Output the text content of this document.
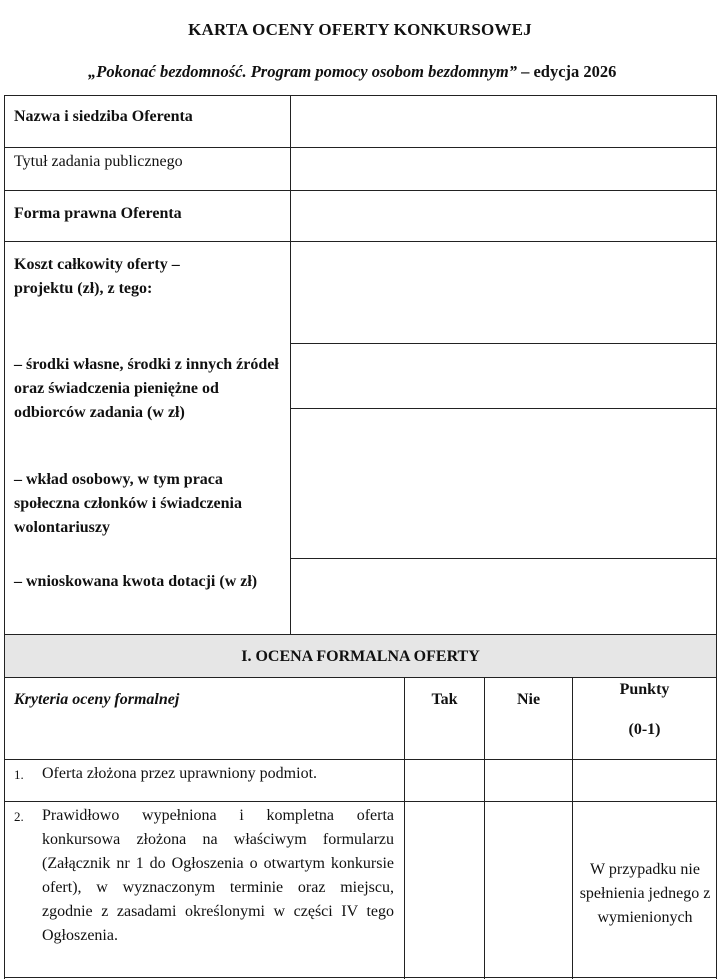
KARTA OCENY OFERTY KONKURSOWEJ
„Pokonać bezdomność. Program pomocy osobom bezdomnym” – edycja 2026
Nazwa i siedziba Oferenta
Tytuł zadania publicznego
Forma prawna Oferenta
Koszt całkowity oferty – projektu (zł), z tego:
– środki własne, środki z innych źródeł oraz świadczenia pieniężne od odbiorców zadania (w zł)
– wkład osobowy, w tym praca społeczna członków i świadczenia wolontariuszy
– wnioskowana kwota dotacji (w zł)
I. OCENA FORMALNA OFERTY
Kryteria oceny formalnej	Tak	Nie
Punkty
(0-1)
1. Oferta złożona przez uprawniony podmiot.
2. Prawidłowo wypełniona i kompletna oferta konkursowa złożona na właściwym formularzu (Załącznik nr 1 do Ogłoszenia o otwartym konkursie ofert), w wyznaczonym terminie oraz miejscu, zgodnie z zasadami określonymi w części IV tego Ogłoszenia.
W przypadku nie spełnienia jednego z wymienionych
